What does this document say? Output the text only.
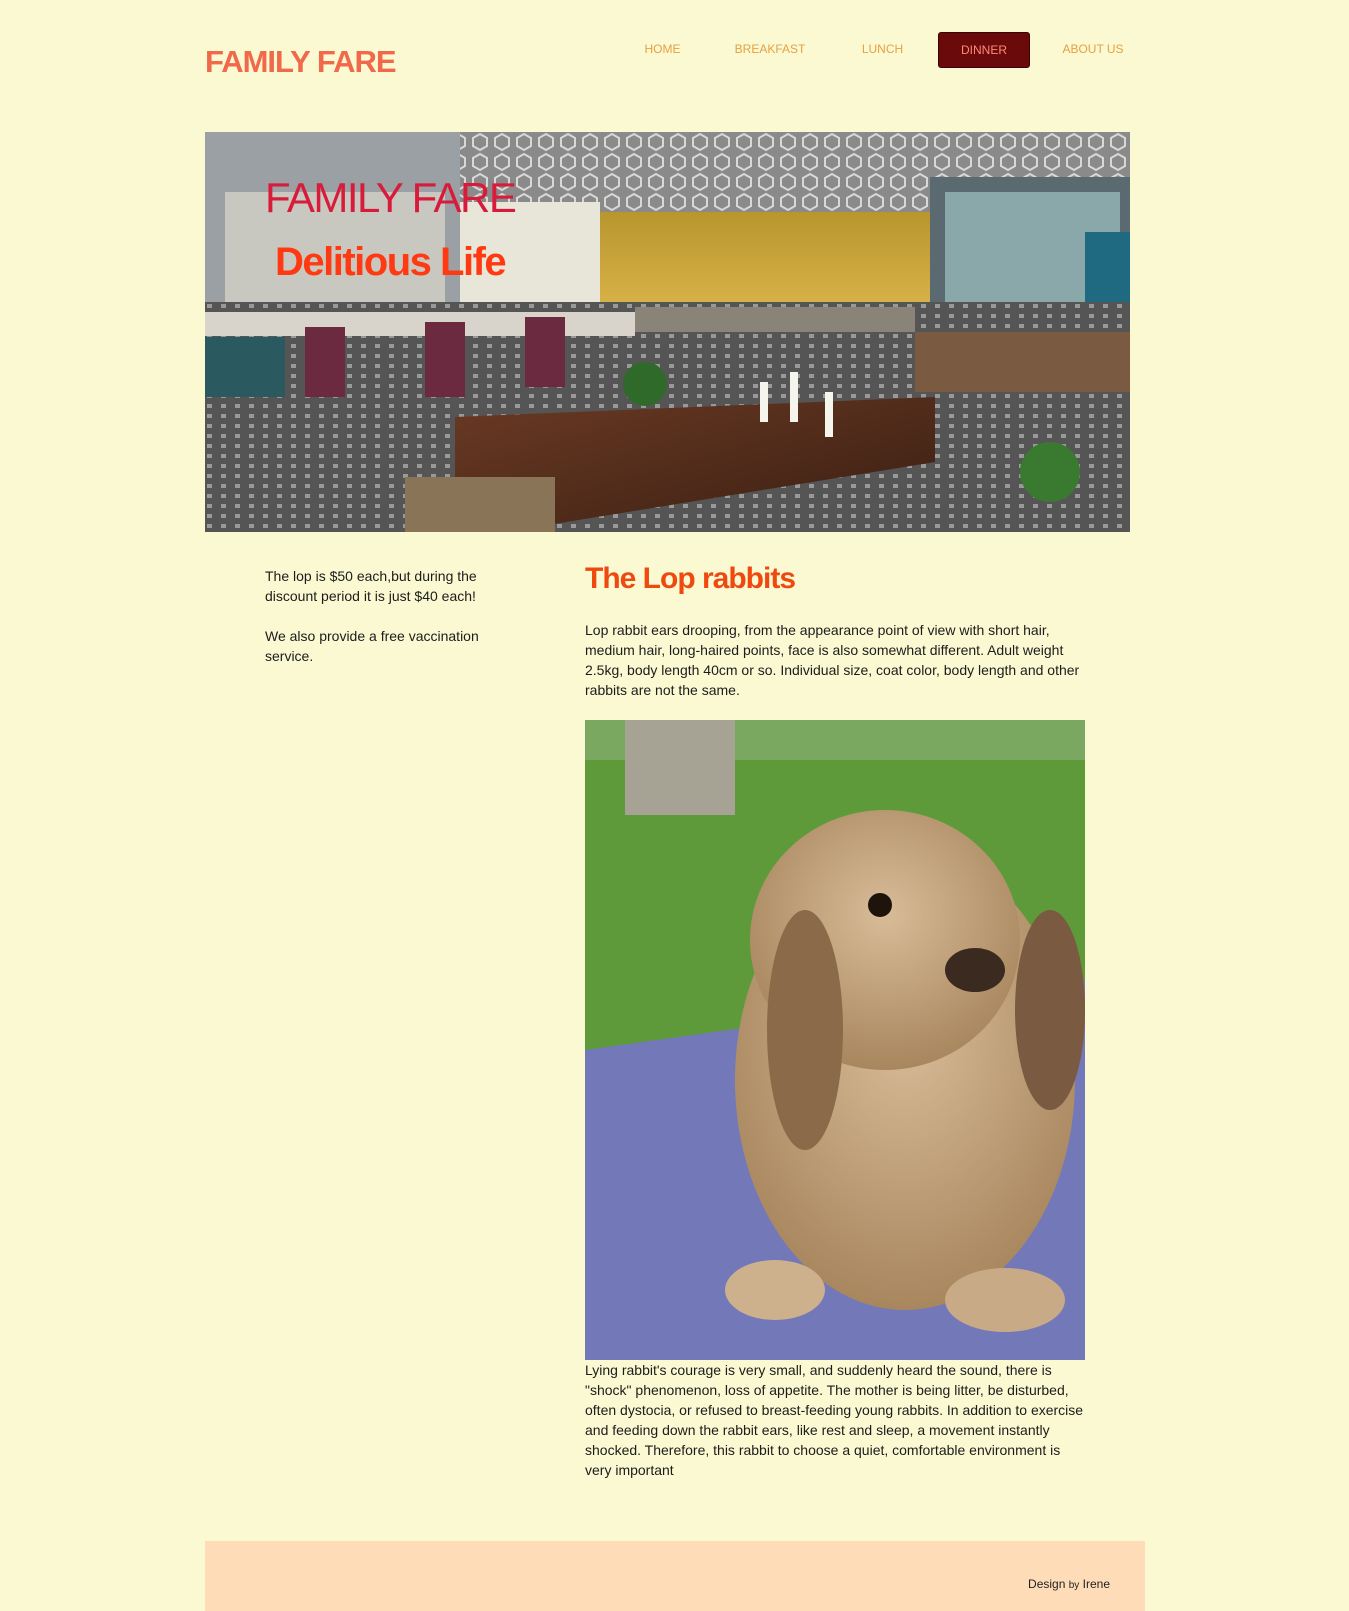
FAMILY FARE	HOME	BREAKFAST	LUNCH	DINNER	ABOUT US
FAMILY FARE
Delitious Life

The lop is $50 each,but during the discount period it is just $40 each!

We also provide a free vaccination service.

The Lop rabbits

Lop rabbit ears drooping, from the appearance point of view with short hair, medium hair, long-haired points, face is also somewhat different. Adult weight 2.5kg, body length 40cm or so. Individual size, coat color, body length and other rabbits are not the same.

Lying rabbit's courage is very small, and suddenly heard the sound, there is "shock" phenomenon, loss of appetite. The mother is being litter, be disturbed, often dystocia, or refused to breast-feeding young rabbits. In addition to exercise and feeding down the rabbit ears, like rest and sleep, a movement instantly shocked. Therefore, this rabbit to choose a quiet, comfortable environment is very important

Design by Irene
